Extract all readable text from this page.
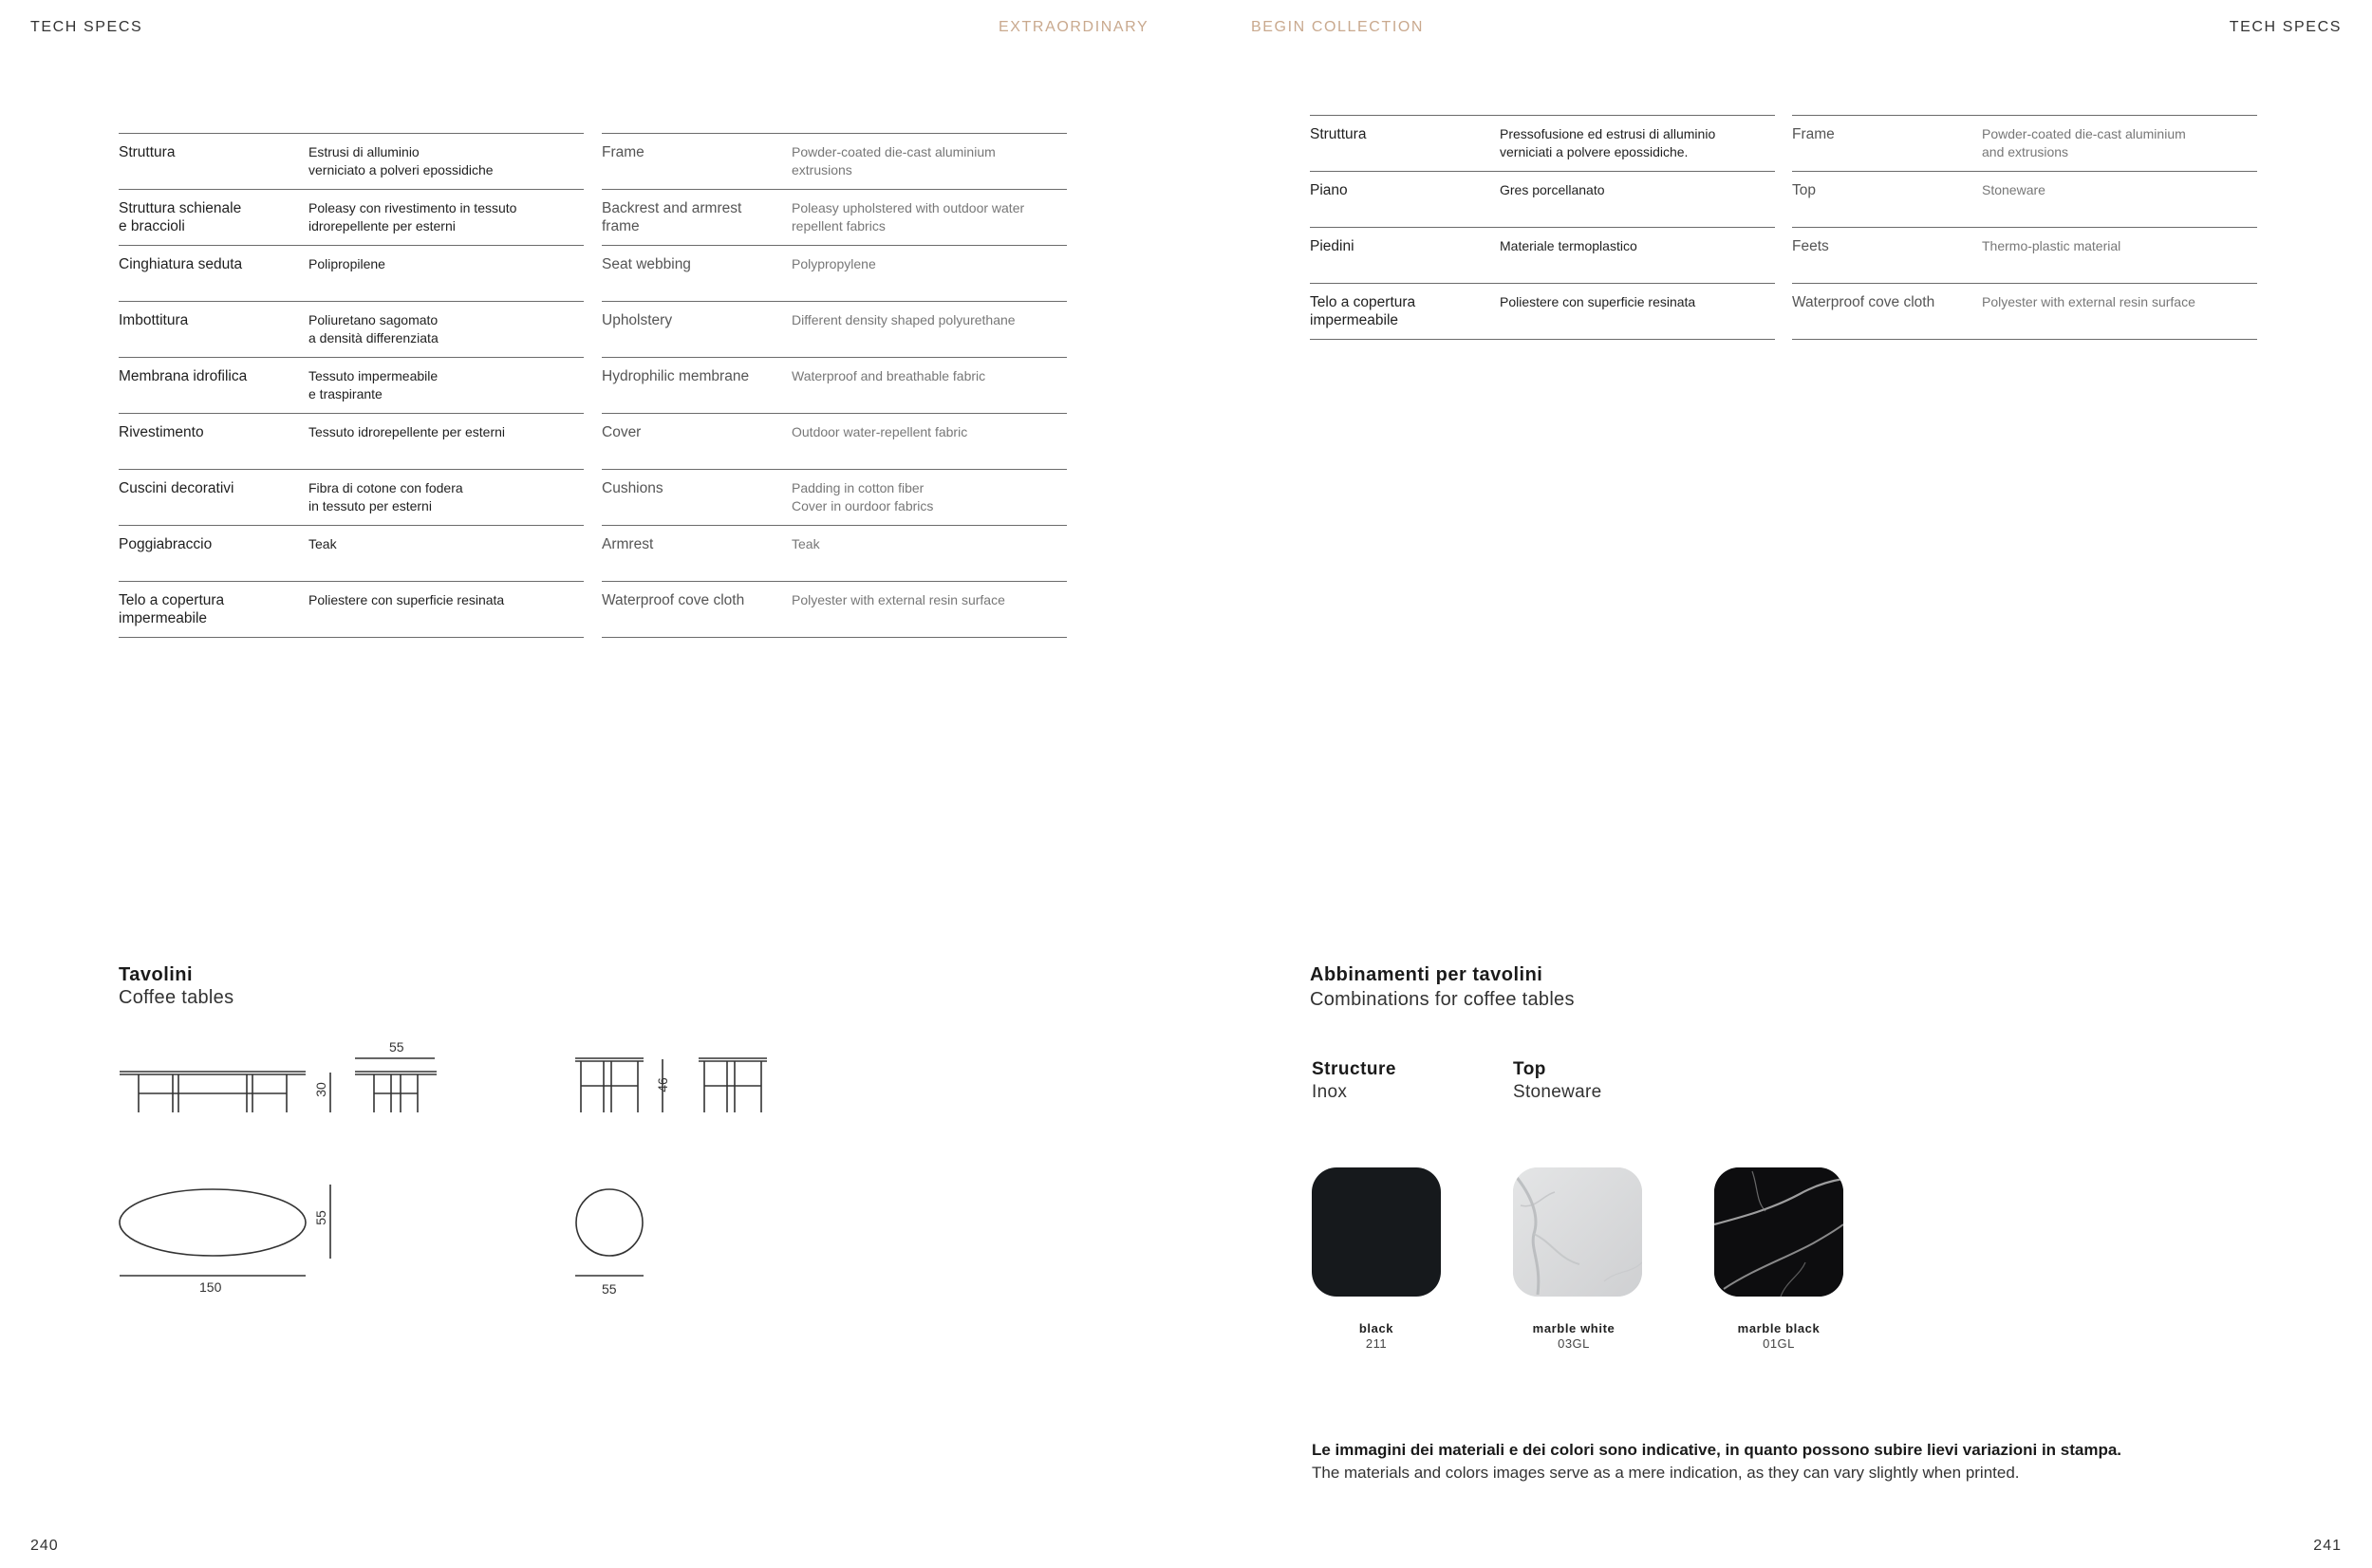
TECH SPECS	EXTRAORDINARY	BEGIN COLLECTION	TECH SPECS
Struttura	Estrusi di alluminio
verniciato a polveri epossidiche
Struttura schienale
e braccioli	Poleasy con rivestimento in tessuto
idrorepellente per esterni
Cinghiatura seduta	Polipropilene
Imbottitura	Poliuretano sagomato
a densità differenziata
Membrana idrofilica	Tessuto impermeabile
e traspirante
Rivestimento	Tessuto idrorepellente per esterni
Cuscini decorativi	Fibra di cotone con fodera
in tessuto per esterni
Poggiabraccio	Teak
Telo a copertura
impermeabile	Poliestere con superficie resinata
Frame	Powder-coated die-cast aluminium
extrusions
Backrest and armrest
frame	Poleasy upholstered with outdoor water
repellent fabrics
Seat webbing	Polypropylene
Upholstery	Different density shaped polyurethane
Hydrophilic membrane	Waterproof and breathable fabric
Cover	Outdoor water-repellent fabric
Cushions	Padding in cotton fiber
Cover in ourdoor fabrics
Armrest	Teak
Waterproof cove cloth	Polyester with external resin surface
Struttura	Pressofusione ed estrusi di alluminio
verniciati a polvere epossidiche.
Piano	Gres porcellanato
Piedini	Materiale termoplastico
Telo a copertura
impermeabile	Poliestere con superficie resinata
Frame	Powder-coated die-cast aluminium
and extrusions
Top	Stoneware
Feets	Thermo-plastic material
Waterproof cove cloth	Polyester with external resin surface
Tavolini
Coffee tables
55
30
55
150
46
55
Abbinamenti per tavolini
Combinations for coffee tables
Structure
Inox
Top
Stoneware
black
211
marble white
03GL
marble black
01GL
Le immagini dei materiali e dei colori sono indicative, in quanto possono subire lievi variazioni in stampa.
The materials and colors images serve as a mere indication, as they can vary slightly when printed.
240	241
